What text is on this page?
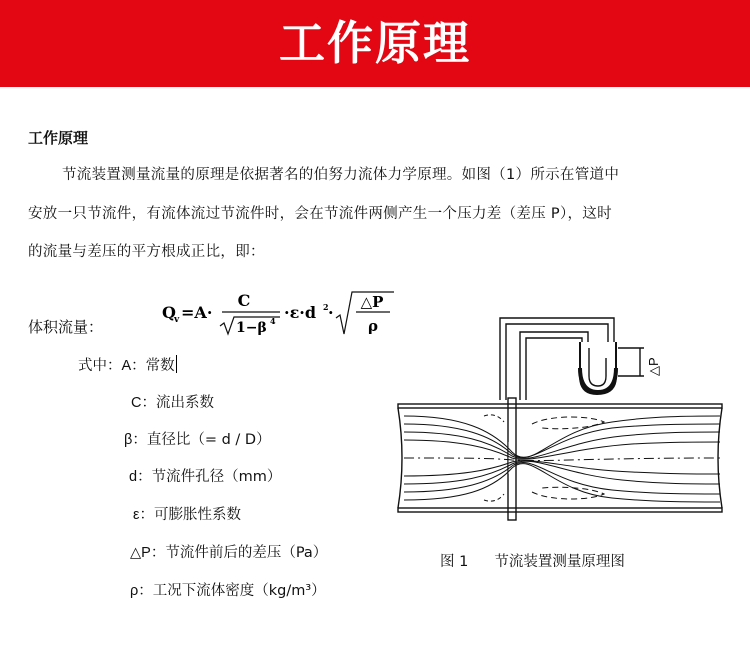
工作原理
工作原理
节流装置测量流量的原理是依据著名的伯努力流体力学原理。如图（1）所示在管道中
安放一只节流件，有流体流过节流件时，会在节流件两侧产生一个压力差（差压 P），这时
的流量与差压的平方根成正比，即：
体积流量：
Q
v =A·
C
1−β 4 ·ε·d 2 ·
△P
ρ
式中：A：常数
C：流出系数
β：直径比（= d / D）
d：节流件孔径（mm）
ε：可膨胀性系数
△P：节流件前后的差压（Pa）
ρ：工况下流体密度（kg/m³）
△P
图 1 节流装置测量原理图
